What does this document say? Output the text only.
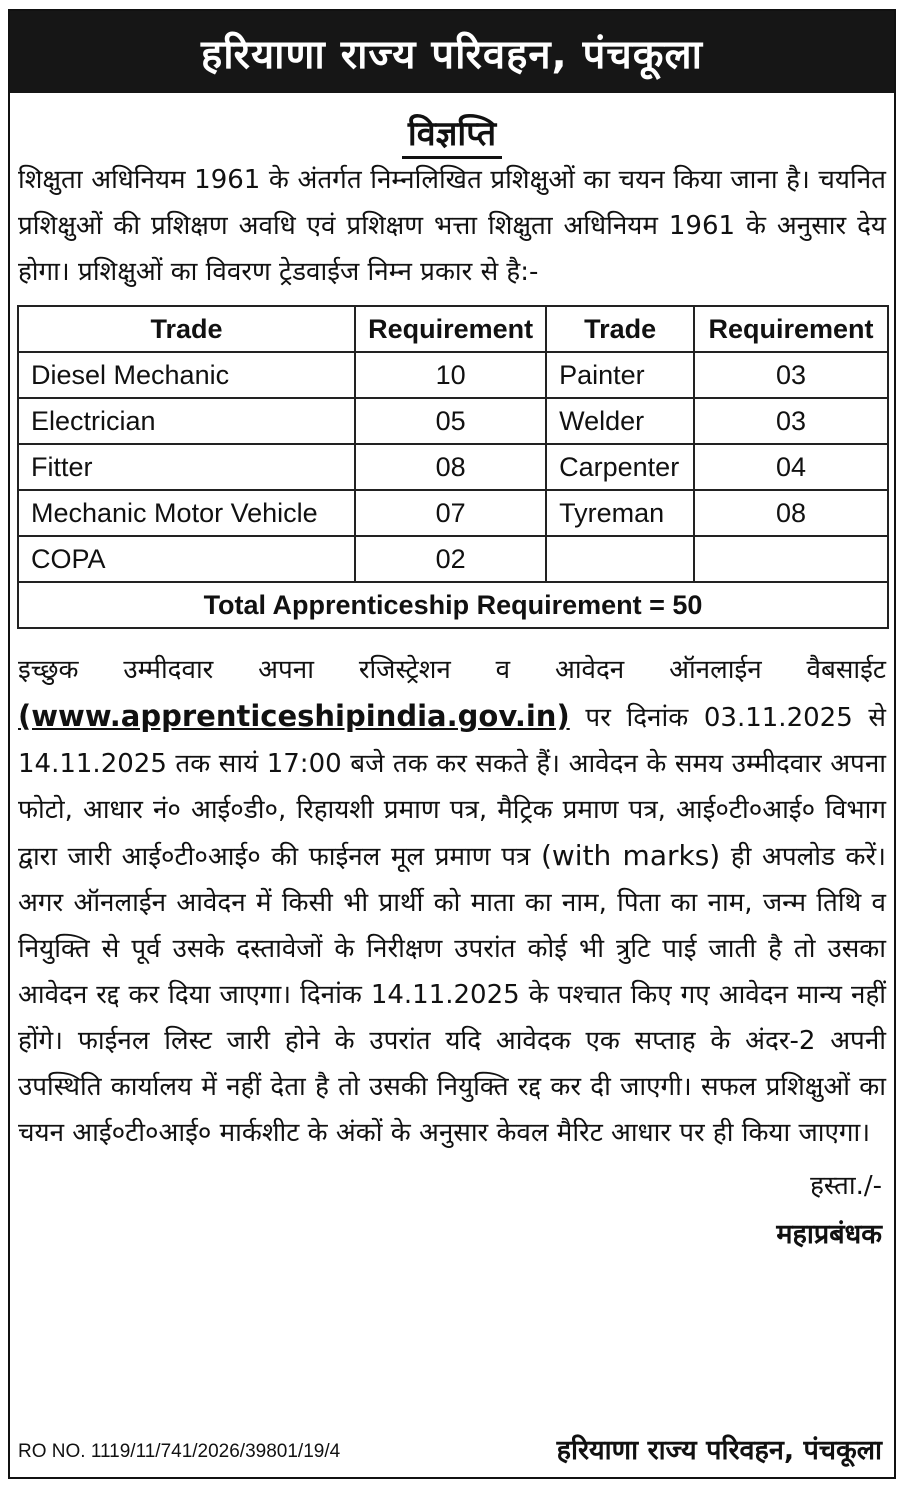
हरियाणा राज्य परिवहन, पंचकूला
विज्ञप्ति

शिक्षुता अधिनियम 1961 के अंतर्गत निम्नलिखित प्रशिक्षुओं का चयन किया जाना है। चयनित प्रशिक्षुओं की प्रशिक्षण अवधि एवं प्रशिक्षण भत्ता शिक्षुता अधिनियम 1961 के अनुसार देय होगा। प्रशिक्षुओं का विवरण ट्रेडवाईज निम्न प्रकार से है:-

Trade	Requirement	Trade	Requirement
Diesel Mechanic	10	Painter	03
Electrician	05	Welder	03
Fitter	08	Carpenter	04
Mechanic Motor Vehicle	07	Tyreman	08
COPA	02		
Total Apprenticeship Requirement = 50			

इच्छुक उम्मीदवार अपना रजिस्ट्रेशन व आवेदन ऑनलाईन वैबसाईट (www.apprenticeshipindia.gov.in) पर दिनांक 03.11.2025 से 14.11.2025 तक सायं 17:00 बजे तक कर सकते हैं। आवेदन के समय उम्मीदवार अपना फोटो, आधार नं० आई०डी०, रिहायशी प्रमाण पत्र, मैट्रिक प्रमाण पत्र, आई०टी०आई० विभाग द्वारा जारी आई०टी०आई० की फाईनल मूल प्रमाण पत्र (with marks) ही अपलोड करें। अगर ऑनलाईन आवेदन में किसी भी प्रार्थी को माता का नाम, पिता का नाम, जन्म तिथि व नियुक्ति से पूर्व उसके दस्तावेजों के निरीक्षण उपरांत कोई भी त्रुटि पाई जाती है तो उसका आवेदन रद्द कर दिया जाएगा। दिनांक 14.11.2025 के पश्चात किए गए आवेदन मान्य नहीं होंगे। फाईनल लिस्ट जारी होने के उपरांत यदि आवेदक एक सप्ताह के अंदर-2 अपनी उपस्थिति कार्यालय में नहीं देता है तो उसकी नियुक्ति रद्द कर दी जाएगी। सफल प्रशिक्षुओं का चयन आई०टी०आई० मार्कशीट के अंकों के अनुसार केवल मैरिट आधार पर ही किया जाएगा।

हस्ता./-
महाप्रबंधक
RO NO. 1119/11/741/2026/39801/19/4	हरियाणा राज्य परिवहन, पंचकूला
